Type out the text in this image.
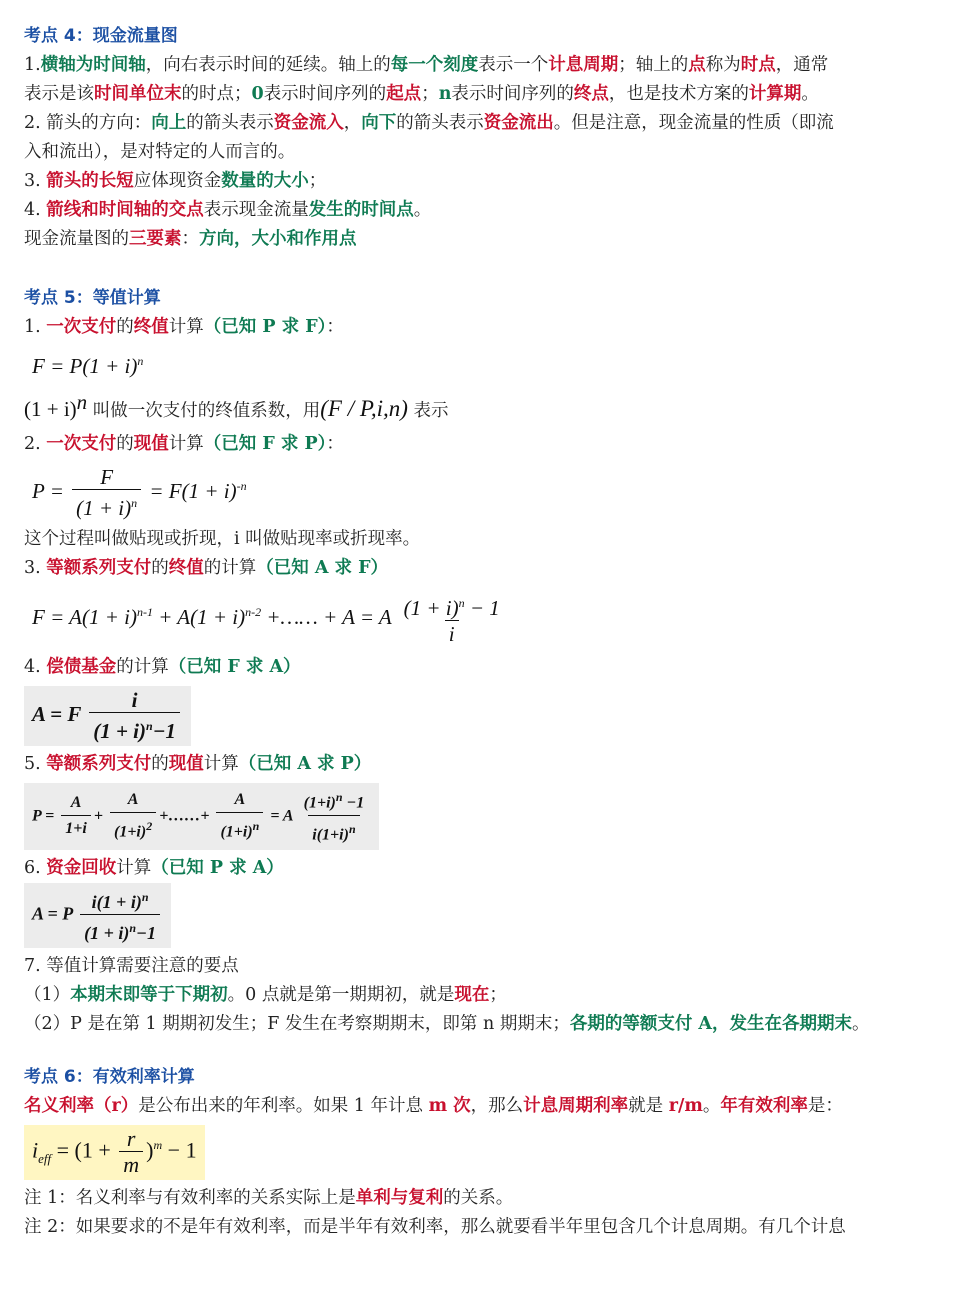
考点 4：现金流量图
1.横轴为时间轴，向右表示时间的延续。轴上的每一个刻度表示一个计息周期；轴上的点称为时点，通常
表示是该时间单位末的时点；0表示时间序列的起点；n表示时间序列的终点，也是技术方案的计算期。
2. 箭头的方向：向上的箭头表示资金流入，向下的箭头表示资金流出。但是注意，现金流量的性质（即流
入和流出），是对特定的人而言的。
3. 箭头的长短应体现资金数量的大小；
4. 箭线和时间轴的交点表示现金流量发生的时间点。
现金流量图的三要素：方向，大小和作用点
考点 5：等值计算
1. 一次支付的终值计算（已知 P 求 F）：
$F = P(1 + i)^n$
$(1 + i)^n$ 叫做一次支付的终值系数，用(F / P,i,n) 表示
2. 一次支付的现值计算（已知 F 求 P）：
$P = \frac{F}{(1 + i)^n} = F(1 + i)^{-n}$
这个过程叫做贴现或折现，i 叫做贴现率或折现率。
3. 等额系列支付的终值的计算（已知 A 求 F）
$F = A(1 + i)^{n-1} + A(1 + i)^{n-2}$ +…… + A = A $\frac{(1 + i)^n - 1}{i}$
4. 偿债基金的计算（已知 F 求 A）
A = F $\frac{i}{(1 + i)^n-1}$
5. 等额系列支付的现值计算（已知 A 求 P）
$P = \frac{A}{1+i} + \frac{A}{(1+i)^2}$ +……+ $\frac{A}{(1+i)^n} = A \frac{(1+i)^n -1}{i(1+i)^n}$
6. 资金回收计算（已知 P 求 A）
A = P $\frac{i(1 + i)^n}{(1 + i)^n-1}$
7. 等值计算需要注意的要点
（1）本期末即等于下期初。0 点就是第一期期初，就是现在；
（2）P 是在第 1 期期初发生；F 发生在考察期期末，即第 n 期期末；各期的等额支付 A，发生在各期期末。
考点 6：有效利率计算
名义利率（r）是公布出来的年利率。如果 1 年计息 m 次，那么计息周期利率就是 r/m。年有效利率是：
$i_{eff} = (1 + \frac{r}{m} )^m - 1$
注 1：名义利率与有效利率的关系实际上是单利与复利的关系。
注 2：如果要求的不是年有效利率，而是半年有效利率，那么就要看半年里包含几个计息周期。有几个计息
